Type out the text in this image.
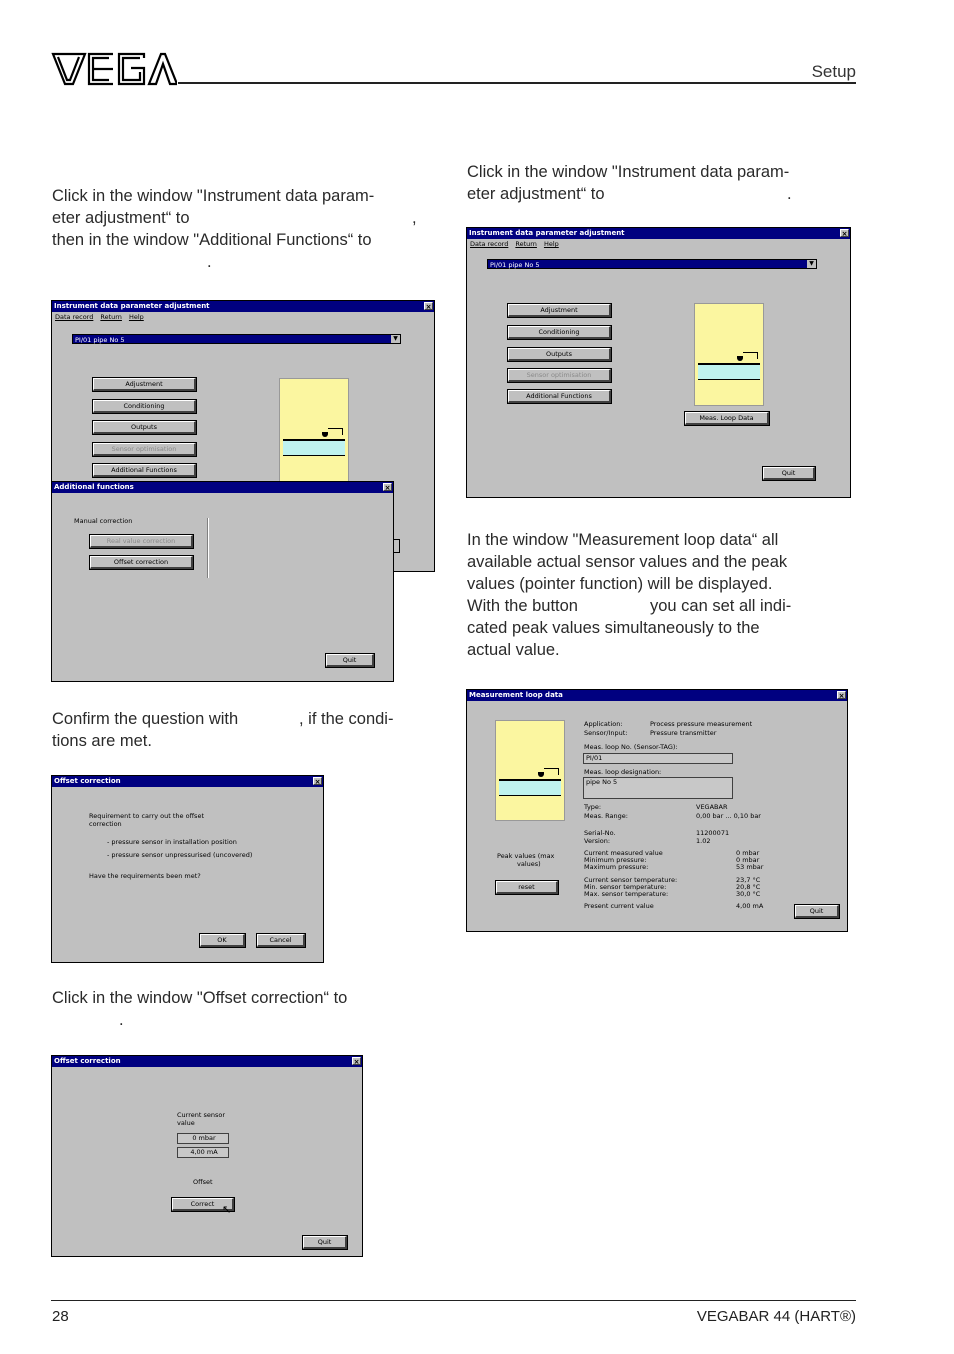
Setup
Click in the window "Instrument data param-
eter adjustment“ to	,
then in the window "Additional Functions“ to
.
Instrument data parameter adjustment	×
Data record Return Help
PI/01 pipe No 5	▼
Adjustment
Conditioning
Outputs
Sensor optimisation
Additional Functions
Additional functions	×
Manual correction
Real value correction
Offset correction
Quit
Confirm the question with	, if the condi-
tions are met.
Offset correction	×
Requirement to carry out the offset
correction
- pressure sensor in installation position
- pressure sensor unpressurised (uncovered)
Have the requirements been met?
OK	Cancel
Click in the window "Offset correction“ to
.
Offset correction	×
Current sensor
value
0 mbar
4,00 mA
Offset
Correct ↖
Quit
Click in the window "Instrument data param-
eter adjustment“ to	.
Instrument data parameter adjustment	×
Data record Return Help
PI/01 pipe No 5	▼
Adjustment
Conditioning
Outputs
Sensor optimisation
Additional Functions
Meas. Loop Data
Quit
In the window "Measurement loop data“ all
available actual sensor values and the peak
values (pointer function) will be displayed.
With the button	you can set all indi-
cated peak values simultaneously to the
actual value.
Measurement loop data	×
Application:	Process pressure measurement
Sensor/Input:	Pressure transmitter
Meas. loop No. (Sensor-TAG):
PI/01
Meas. loop designation:
pipe No 5
Type:	VEGABAR
Meas. Range:	0,00 bar ... 0,10 bar
Serial-No.	11200071
Version:	1.02
Current measured value	0 mbar
Minimum pressure:	0 mbar
Maximum pressure:	53 mbar
Current sensor temperature:	23,7 °C
Min. sensor temperature:	20,8 °C
Max. sensor temperature:	30,0 °C
Present current value	4,00 mA
Peak values (max
values)
reset
Quit
28	VEGABAR 44 (HART®)
